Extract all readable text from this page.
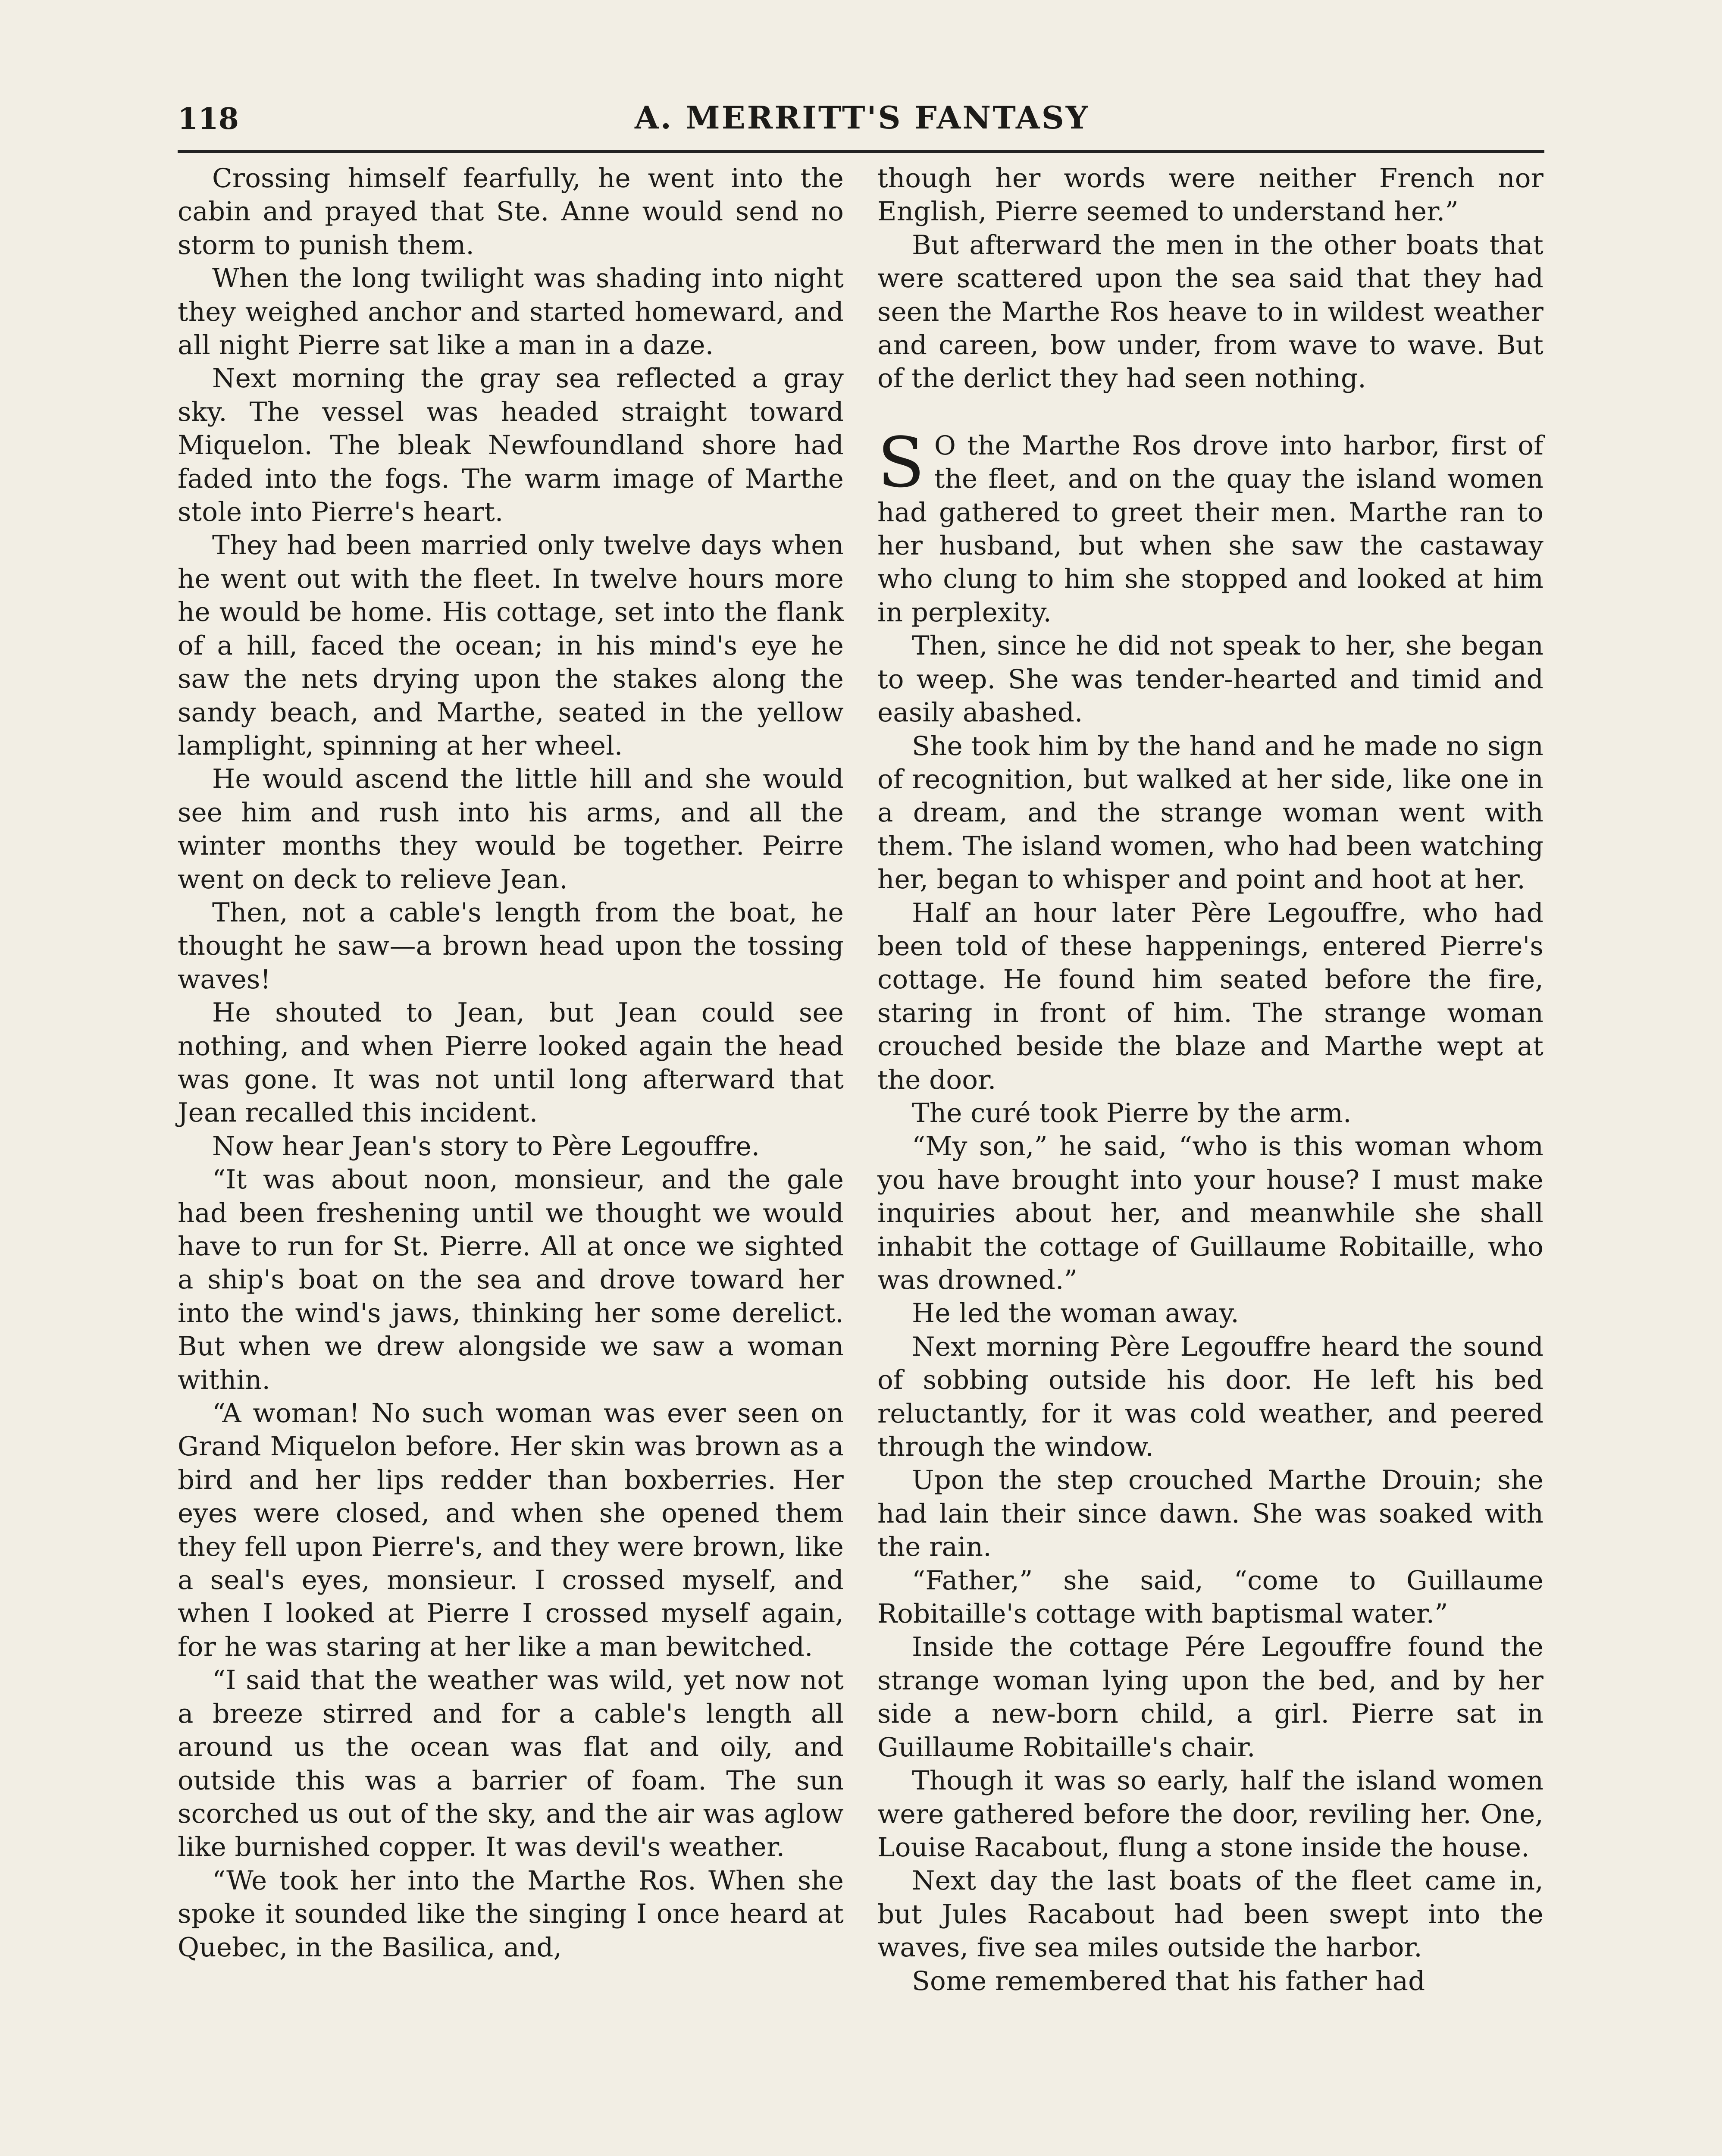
118	A. MERRITT'S FANTASY

Crossing himself fearfully, he went into the cabin and prayed that Ste. Anne would send no storm to punish them.

When the long twilight was shading into night they weighed anchor and started homeward, and all night Pierre sat like a man in a daze.

Next morning the gray sea reflected a gray sky. The vessel was headed straight toward Miquelon. The bleak Newfoundland shore had faded into the fogs. The warm image of Marthe stole into Pierre's heart.

They had been married only twelve days when he went out with the fleet. In twelve hours more he would be home. His cottage, set into the flank of a hill, faced the ocean; in his mind's eye he saw the nets drying upon the stakes along the sandy beach, and Marthe, seated in the yellow lamplight, spinning at her wheel.

He would ascend the little hill and she would see him and rush into his arms, and all the winter months they would be together. Peirre went on deck to relieve Jean.

Then, not a cable's length from the boat, he thought he saw—a brown head upon the tossing waves!

He shouted to Jean, but Jean could see nothing, and when Pierre looked again the head was gone. It was not until long afterward that Jean recalled this incident.

Now hear Jean's story to Père Legouffre.

“It was about noon, monsieur, and the gale had been freshening until we thought we would have to run for St. Pierre. All at once we sighted a ship's boat on the sea and drove toward her into the wind's jaws, thinking her some derelict. But when we drew alongside we saw a woman within.

“A woman! No such woman was ever seen on Grand Miquelon before. Her skin was brown as a bird and her lips redder than boxberries. Her eyes were closed, and when she opened them they fell upon Pierre's, and they were brown, like a seal's eyes, monsieur. I crossed myself, and when I looked at Pierre I crossed myself again, for he was staring at her like a man bewitched.

“I said that the weather was wild, yet now not a breeze stirred and for a cable's length all around us the ocean was flat and oily, and outside this was a barrier of foam. The sun scorched us out of the sky, and the air was aglow like burnished copper. It was devil's weather.

“We took her into the Marthe Ros. When she spoke it sounded like the singing I once heard at Quebec, in the Basilica, and,

though her words were neither French nor English, Pierre seemed to understand her.”

But afterward the men in the other boats that were scattered upon the sea said that they had seen the Marthe Ros heave to in wildest weather and careen, bow under, from wave to wave. But of the derlict they had seen nothing.

S O the Marthe Ros drove into harbor, first of the fleet, and on the quay the island women had gathered to greet their men. Marthe ran to her husband, but when she saw the castaway who clung to him she stopped and looked at him in perplexity.

Then, since he did not speak to her, she began to weep. She was tender-hearted and timid and easily abashed.

She took him by the hand and he made no sign of recognition, but walked at her side, like one in a dream, and the strange woman went with them. The island women, who had been watching her, began to whisper and point and hoot at her.

Half an hour later Père Legouffre, who had been told of these happenings, entered Pierre's cottage. He found him seated before the fire, staring in front of him. The strange woman crouched beside the blaze and Marthe wept at the door.

The curé took Pierre by the arm.

“My son,” he said, “who is this woman whom you have brought into your house? I must make inquiries about her, and meanwhile she shall inhabit the cottage of Guillaume Robitaille, who was drowned.”

He led the woman away.

Next morning Père Legouffre heard the sound of sobbing outside his door. He left his bed reluctantly, for it was cold weather, and peered through the window.

Upon the step crouched Marthe Drouin; she had lain their since dawn. She was soaked with the rain.

“Father,” she said, “come to Guillaume Robitaille's cottage with baptismal water.”

Inside the cottage Pére Legouffre found the strange woman lying upon the bed, and by her side a new-born child, a girl. Pierre sat in Guillaume Robitaille's chair.

Though it was so early, half the island women were gathered before the door, reviling her. One, Louise Racabout, flung a stone inside the house.

Next day the last boats of the fleet came in, but Jules Racabout had been swept into the waves, five sea miles outside the harbor.

Some remembered that his father had
